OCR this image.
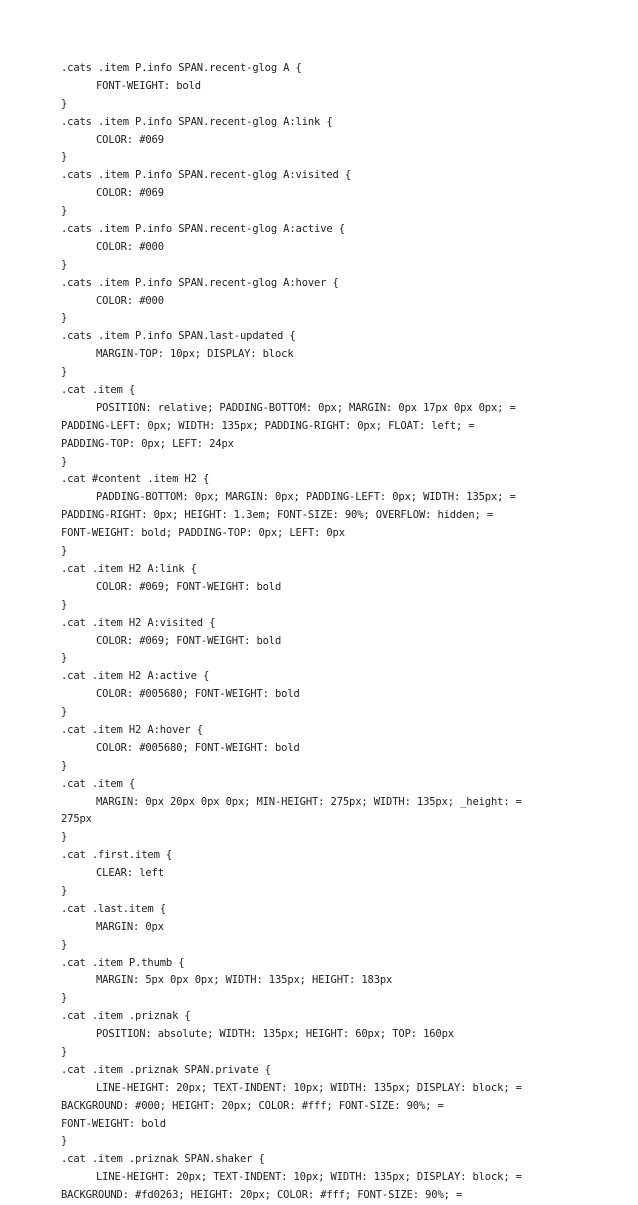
.cats .item P.info SPAN.recent-glog A {
FONT-WEIGHT: bold
}
.cats .item P.info SPAN.recent-glog A:link {
COLOR: #069
}
.cats .item P.info SPAN.recent-glog A:visited {
COLOR: #069
}
.cats .item P.info SPAN.recent-glog A:active {
COLOR: #000
}
.cats .item P.info SPAN.recent-glog A:hover {
COLOR: #000
}
.cats .item P.info SPAN.last-updated {
MARGIN-TOP: 10px; DISPLAY: block
}
.cat .item {
POSITION: relative; PADDING-BOTTOM: 0px; MARGIN: 0px 17px 0px 0px; =
PADDING-LEFT: 0px; WIDTH: 135px; PADDING-RIGHT: 0px; FLOAT: left; =
PADDING-TOP: 0px; LEFT: 24px
}
.cat #content .item H2 {
PADDING-BOTTOM: 0px; MARGIN: 0px; PADDING-LEFT: 0px; WIDTH: 135px; =
PADDING-RIGHT: 0px; HEIGHT: 1.3em; FONT-SIZE: 90%; OVERFLOW: hidden; =
FONT-WEIGHT: bold; PADDING-TOP: 0px; LEFT: 0px
}
.cat .item H2 A:link {
COLOR: #069; FONT-WEIGHT: bold
}
.cat .item H2 A:visited {
COLOR: #069; FONT-WEIGHT: bold
}
.cat .item H2 A:active {
COLOR: #005680; FONT-WEIGHT: bold
}
.cat .item H2 A:hover {
COLOR: #005680; FONT-WEIGHT: bold
}
.cat .item {
MARGIN: 0px 20px 0px 0px; MIN-HEIGHT: 275px; WIDTH: 135px; _height: =
275px
}
.cat .first.item {
CLEAR: left
}
.cat .last.item {
MARGIN: 0px
}
.cat .item P.thumb {
MARGIN: 5px 0px 0px; WIDTH: 135px; HEIGHT: 183px
}
.cat .item .priznak {
POSITION: absolute; WIDTH: 135px; HEIGHT: 60px; TOP: 160px
}
.cat .item .priznak SPAN.private {
LINE-HEIGHT: 20px; TEXT-INDENT: 10px; WIDTH: 135px; DISPLAY: block; =
BACKGROUND: #000; HEIGHT: 20px; COLOR: #fff; FONT-SIZE: 90%; =
FONT-WEIGHT: bold
}
.cat .item .priznak SPAN.shaker {
LINE-HEIGHT: 20px; TEXT-INDENT: 10px; WIDTH: 135px; DISPLAY: block; =
BACKGROUND: #fd0263; HEIGHT: 20px; COLOR: #fff; FONT-SIZE: 90%; =
